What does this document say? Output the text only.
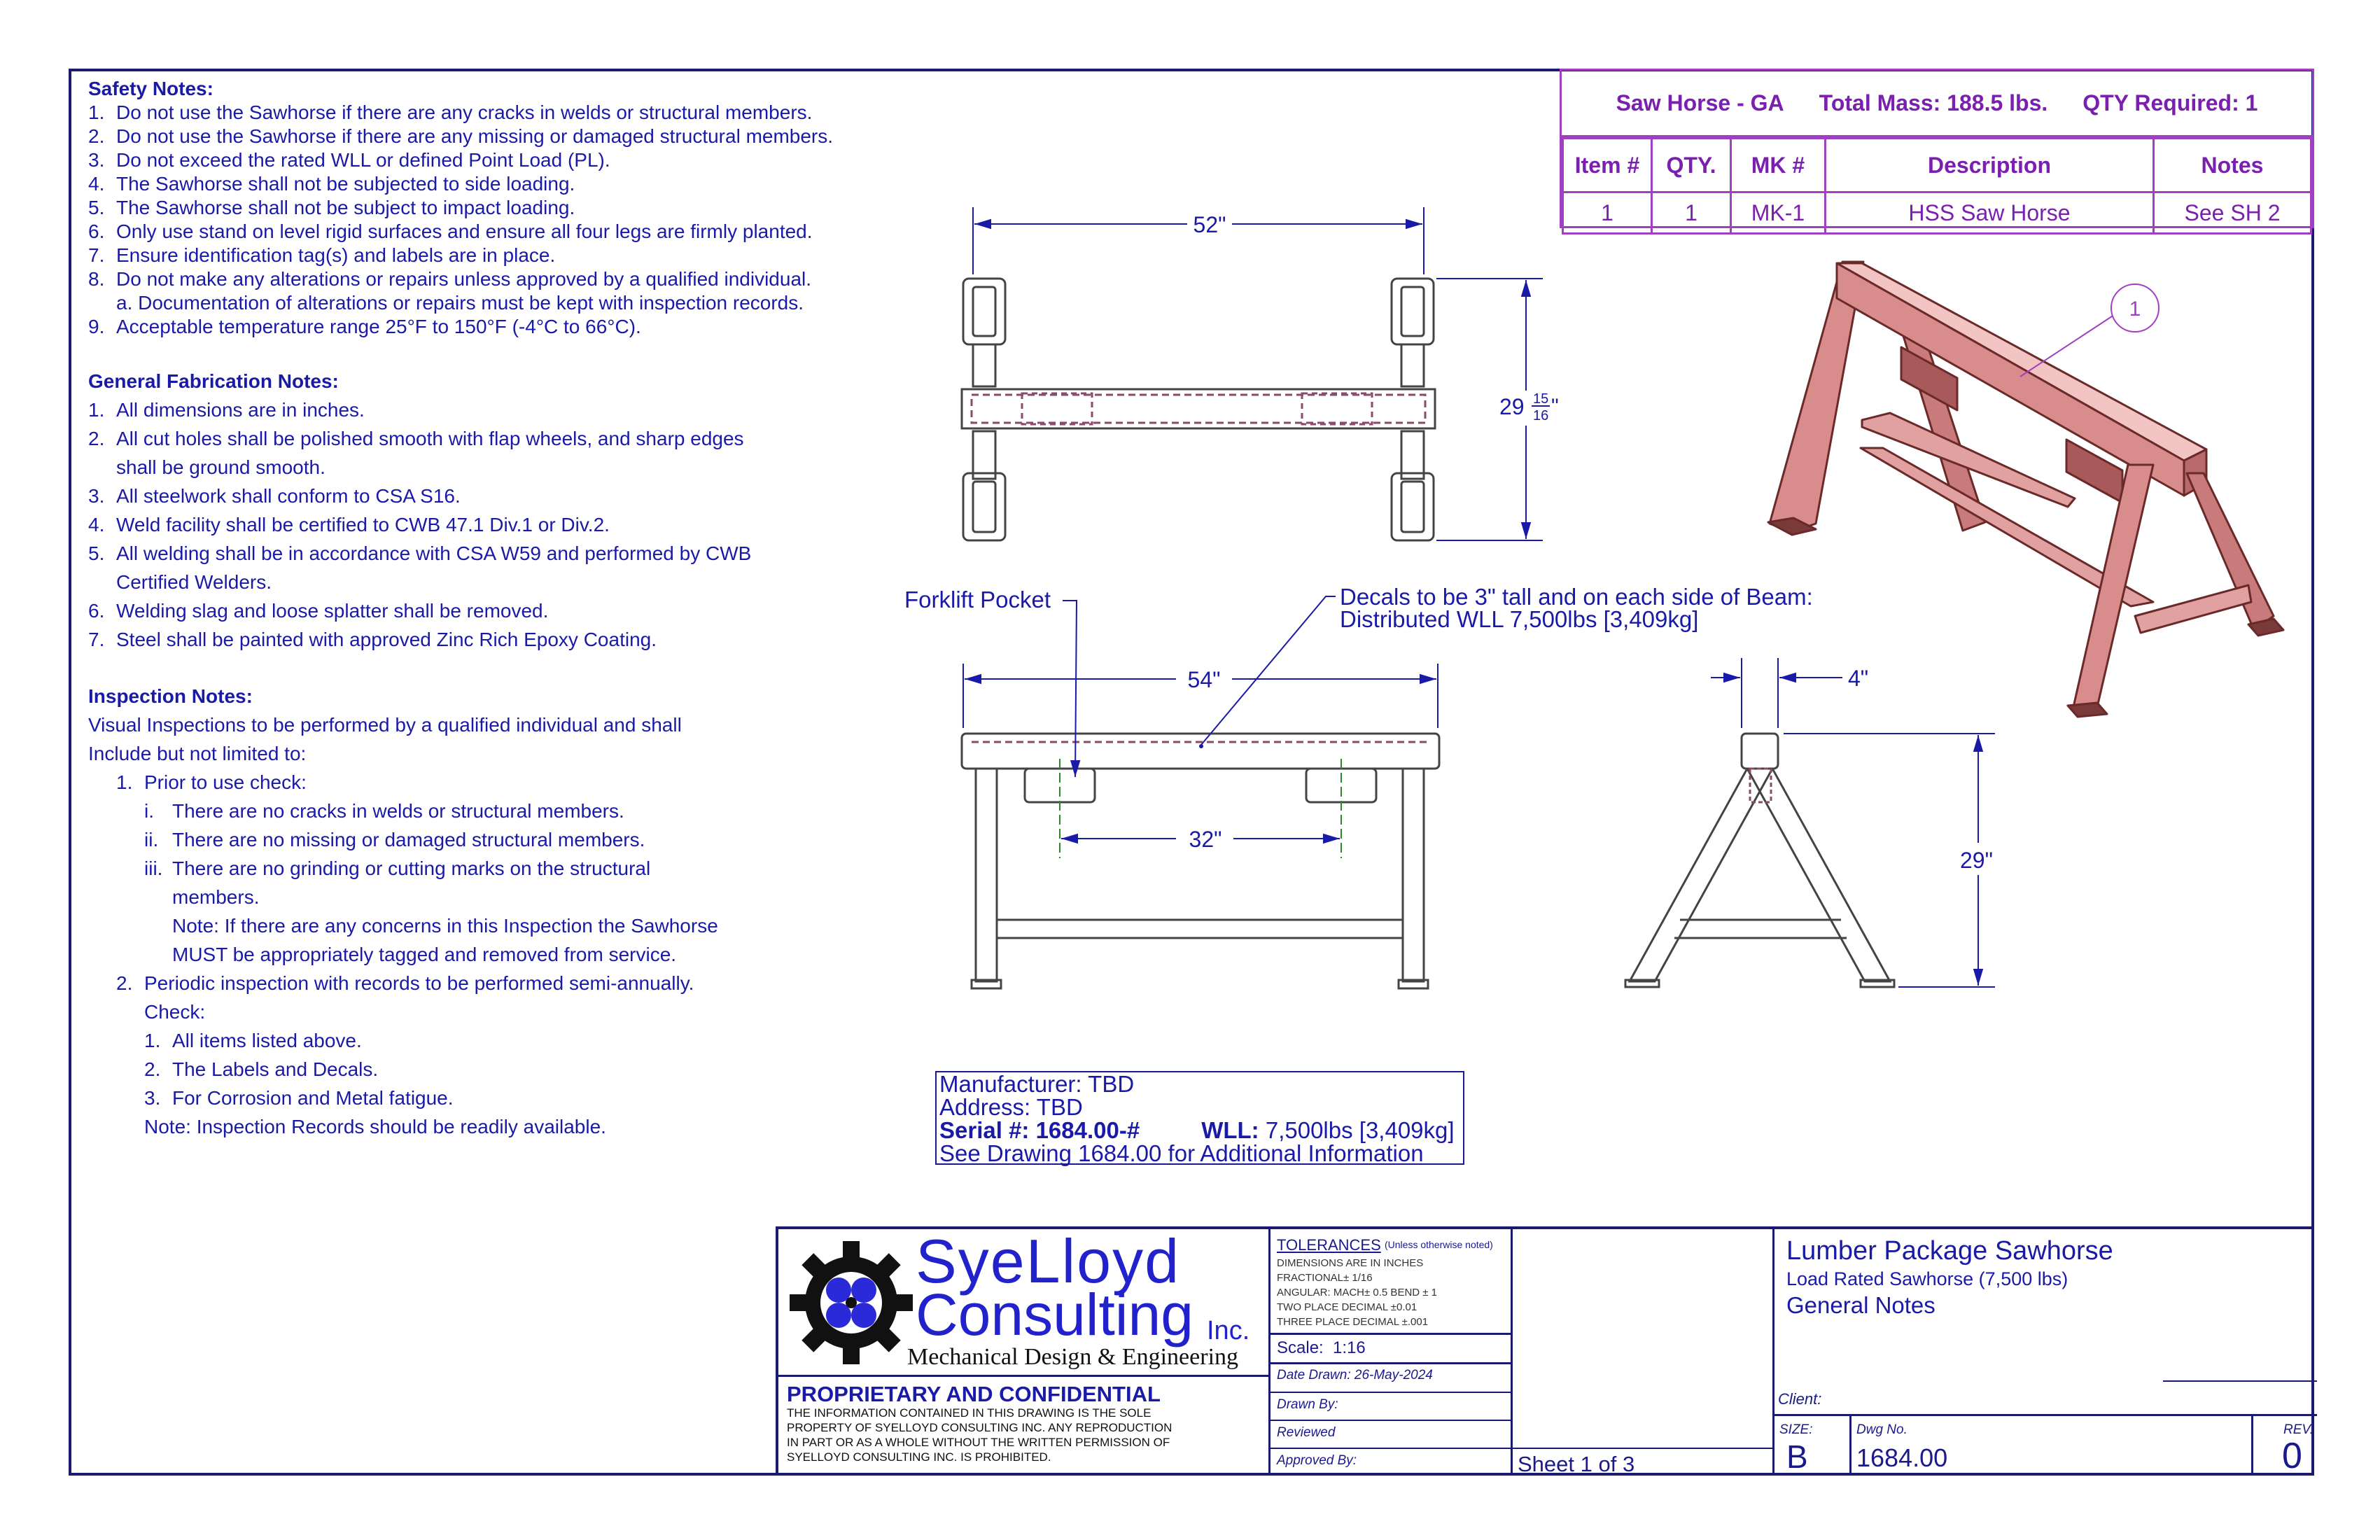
Safety Notes:
1. Do not use the Sawhorse if there are any cracks in welds or structural members.
2. Do not use the Sawhorse if there are any missing or damaged structural members.
3. Do not exceed the rated WLL or defined Point Load (PL).
4. The Sawhorse shall not be subjected to side loading.
5. The Sawhorse shall not be subject to impact loading.
6. Only use stand on level rigid surfaces and ensure all four legs are firmly planted.
7. Ensure identification tag(s) and labels are in place.
8. Do not make any alterations or repairs unless approved by a qualified individual.
a. Documentation of alterations or repairs must be kept with inspection records.
9. Acceptable temperature range 25°F to 150°F (-4°C to 66°C).
General Fabrication Notes:
1. All dimensions are in inches.
2. All cut holes shall be polished smooth with flap wheels, and sharp edges
shall be ground smooth.
3. All steelwork shall conform to CSA S16.
4. Weld facility shall be certified to CWB 47.1 Div.1 or Div.2.
5. All welding shall be in accordance with CSA W59 and performed by CWB
Certified Welders.
6. Welding slag and loose splatter shall be removed.
7. Steel shall be painted with approved Zinc Rich Epoxy Coating.
Inspection Notes:
Visual Inspections to be performed by a qualified individual and shall
Include but not limited to:
1. Prior to use check:
i. There are no cracks in welds or structural members.
ii. There are no missing or damaged structural members.
iii. There are no grinding or cutting marks on the structural
members.
Note: If there are any concerns in this Inspection the Sawhorse
MUST be appropriately tagged and removed from service.
2. Periodic inspection with records to be performed semi-annually.
Check:
1. All items listed above.
2. The Labels and Decals.
3. For Corrosion and Metal fatigue.
Note: Inspection Records should be readily available.
Saw Horse - GA Total Mass: 188.5 lbs. QTY Required: 1
Item #	QTY.	MK #	Description	Notes
1	1	MK-1	HSS Saw Horse	See SH 2
52"
29 15
16 "
54"
32"
Forklift Pocket	Decals to be 3" tall and on each side of Beam:
Distributed WLL 7,500lbs [3,409kg]
4"
29"
1
Manufacturer: TBD
Address: TBD
Serial #: 1684.00-#	WLL: 7,500lbs [3,409kg]
See Drawing 1684.00 for Additional Information
SyeLloyd
Consulting Inc.
Mechanical Design & Engineering
PROPRIETARY AND CONFIDENTIAL
THE INFORMATION CONTAINED IN THIS DRAWING IS THE SOLE
PROPERTY OF SYELLOYD CONSULTING INC. ANY REPRODUCTION
IN PART OR AS A WHOLE WITHOUT THE WRITTEN PERMISSION OF
SYELLOYD CONSULTING INC. IS PROHIBITED.
TOLERANCES (Unless otherwise noted)
DIMENSIONS ARE IN INCHES
FRACTIONAL± 1/16
ANGULAR: MACH± 0.5 BEND ± 1
TWO PLACE DECIMAL ±0.01
THREE PLACE DECIMAL ±.001
Scale: 1:16
Date Drawn: 26-May-2024
Drawn By:
Reviewed
Approved By:	Sheet 1 of 3
Lumber Package Sawhorse
Load Rated Sawhorse (7,500 lbs)
General Notes
Client:
SIZE:
B
Dwg No.
1684.00
REV.
0
